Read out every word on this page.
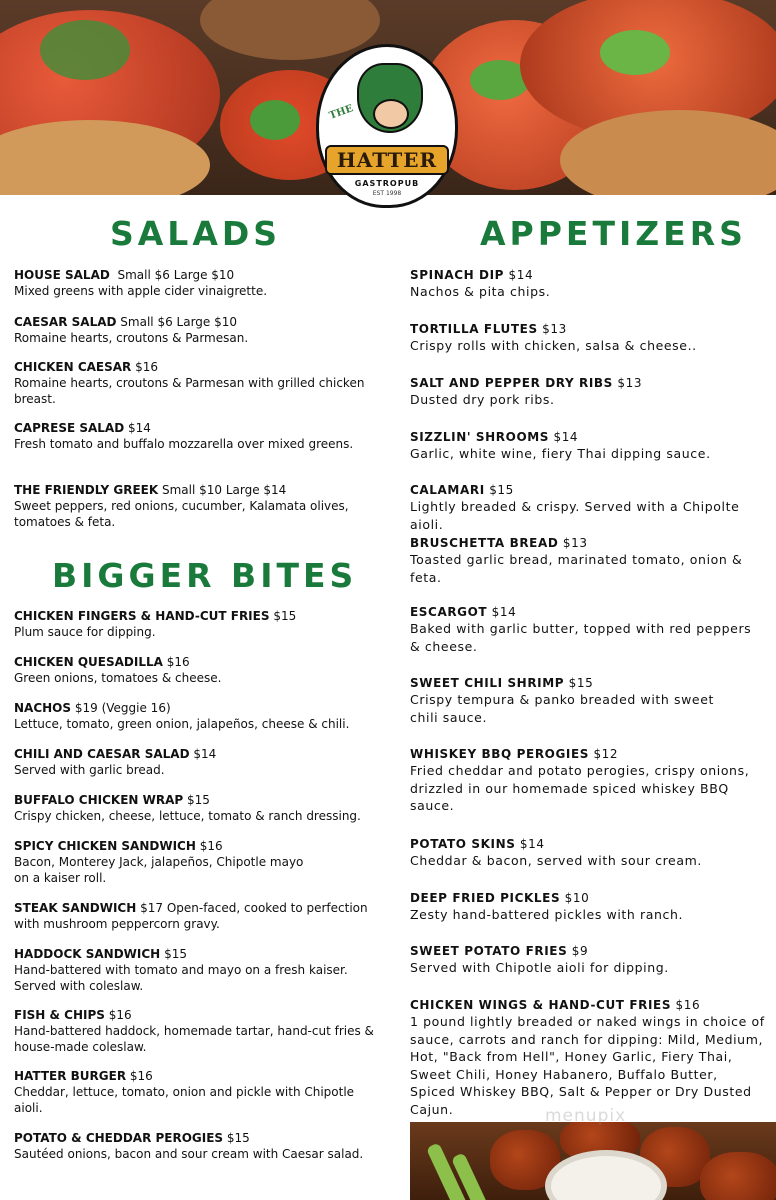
THE
HATTER
GASTROPUB
EST 1998
SALADS
BIGGER BITES
APPETIZERS
HOUSE SALAD Small $6 Large $10
Mixed greens with apple cider vinaigrette.
CAESAR SALAD Small $6 Large $10
Romaine hearts, croutons & Parmesan.
CHICKEN CAESAR $16
Romaine hearts, croutons & Parmesan with grilled chicken breast.
CAPRESE SALAD $14
Fresh tomato and buffalo mozzarella over mixed greens.
THE FRIENDLY GREEK Small $10 Large $14
Sweet peppers, red onions, cucumber, Kalamata olives, tomatoes & feta.
CHICKEN FINGERS & HAND-CUT FRIES $15
Plum sauce for dipping.
CHICKEN QUESADILLA $16
Green onions, tomatoes & cheese.
NACHOS $19 (Veggie 16)
Lettuce, tomato, green onion, jalapeños, cheese & chili.
CHILI AND CAESAR SALAD $14
Served with garlic bread.
BUFFALO CHICKEN WRAP $15
Crispy chicken, cheese, lettuce, tomato & ranch dressing.
SPICY CHICKEN SANDWICH $16
Bacon, Monterey Jack, jalapeños, Chipotle mayo on a kaiser roll.
STEAK SANDWICH $17 Open-faced, cooked to perfection
with mushroom peppercorn gravy.
HADDOCK SANDWICH $15
Hand-battered with tomato and mayo on a fresh kaiser. Served with coleslaw.
FISH & CHIPS $16
Hand-battered haddock, homemade tartar, hand-cut fries & house-made coleslaw.
HATTER BURGER $16
Cheddar, lettuce, tomato, onion and pickle with Chipotle aioli.
POTATO & CHEDDAR PEROGIES $15
Sautéed onions, bacon and sour cream with Caesar salad.
SPINACH DIP $14
Nachos & pita chips.
TORTILLA FLUTES $13
Crispy rolls with chicken, salsa & cheese..
SALT AND PEPPER DRY RIBS $13
Dusted dry pork ribs.
SIZZLIN' SHROOMS $14
Garlic, white wine, fiery Thai dipping sauce.
CALAMARI $15
Lightly breaded & crispy. Served with a Chipolte aioli.
BRUSCHETTA BREAD $13
Toasted garlic bread, marinated tomato, onion & feta.
ESCARGOT $14
Baked with garlic butter, topped with red peppers & cheese.
SWEET CHILI SHRIMP $15
Crispy tempura & panko breaded with sweet chili sauce.
WHISKEY BBQ PEROGIES $12
Fried cheddar and potato perogies, crispy onions, drizzled in our homemade spiced whiskey BBQ sauce.
POTATO SKINS $14
Cheddar & bacon, served with sour cream.
DEEP FRIED PICKLES $10
Zesty hand-battered pickles with ranch.
SWEET POTATO FRIES $9
Served with Chipotle aioli for dipping.
CHICKEN WINGS & HAND-CUT FRIES $16
1 pound lightly breaded or naked wings in choice of sauce, carrots and ranch for dipping: Mild, Medium, Hot, "Back from Hell", Honey Garlic, Fiery Thai, Sweet Chili, Honey Habanero, Buffalo Butter, Spiced Whiskey BBQ, Salt & Pepper or Dry Dusted Cajun.	menupix
